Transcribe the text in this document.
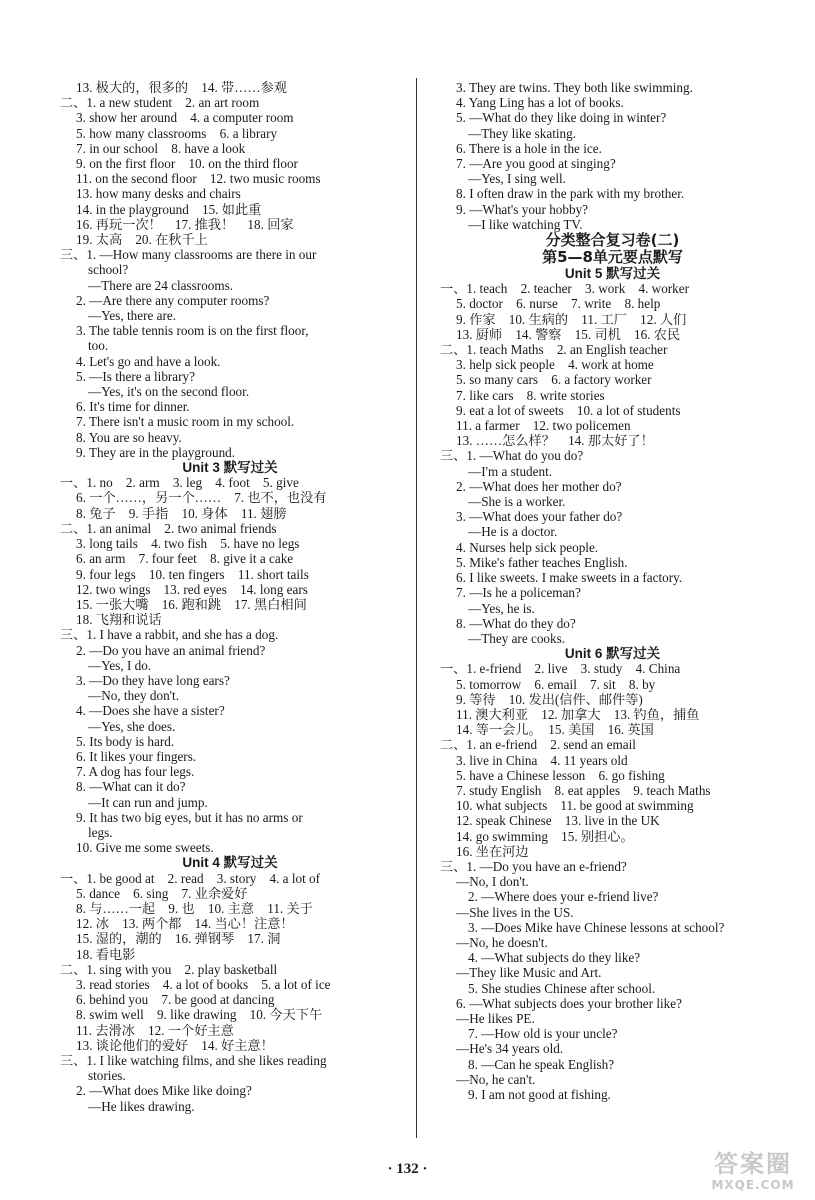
13. 极大的，很多的　14. 带……参观
二、1. a new student　2. an art room
3. show her around　4. a computer room
5. how many classrooms　6. a library
7. in our school　8. have a look
9. on the first floor　10. on the third floor
11. on the second floor　12. two music rooms
13. how many desks and chairs
14. in the playground　15. 如此重
16. 再玩一次！　17. 推我！　18. 回家
19. 太高　20. 在秋千上
三、1. —How many classrooms are there in our
school?
—There are 24 classrooms.
2. —Are there any computer rooms?
—Yes, there are.
3. The table tennis room is on the first floor,
too.
4. Let's go and have a look.
5. —Is there a library?
—Yes, it's on the second floor.
6. It's time for dinner.
7. There isn't a music room in my school.
8. You are so heavy.
9. They are in the playground.
Unit 3 默写过关
一、1. no　2. arm　3. leg　4. foot　5. give
6. 一个……，另一个……　7. 也不，也没有
8. 兔子　9. 手指　10. 身体　11. 翅膀
二、1. an animal　2. two animal friends
3. long tails　4. two fish　5. have no legs
6. an arm　7. four feet　8. give it a cake
9. four legs　10. ten fingers　11. short tails
12. two wings　13. red eyes　14. long ears
15. 一张大嘴　16. 跑和跳　17. 黑白相间
18. 飞翔和说话
三、1. I have a rabbit, and she has a dog.
2. —Do you have an animal friend?
—Yes, I do.
3. —Do they have long ears?
—No, they don't.
4. —Does she have a sister?
—Yes, she does.
5. Its body is hard.
6. It likes your fingers.
7. A dog has four legs.
8. —What can it do?
—It can run and jump.
9. It has two big eyes, but it has no arms or
legs.
10. Give me some sweets.
Unit 4 默写过关
一、1. be good at　2. read　3. story　4. a lot of
5. dance　6. sing　7. 业余爱好
8. 与……一起　9. 也　10. 主意　11. 关于
12. 冰　13. 两个都　14. 当心！注意！
15. 湿的，潮的　16. 弹钢琴　17. 洞
18. 看电影
二、1. sing with you　2. play basketball
3. read stories　4. a lot of books　5. a lot of ice
6. behind you　7. be good at dancing
8. swim well　9. like drawing　10. 今天下午
11. 去滑冰　12. 一个好主意
13. 谈论他们的爱好　14. 好主意！
三、1. I like watching films, and she likes reading
stories.
2. —What does Mike like doing?
—He likes drawing.
3. They are twins. They both like swimming.
4. Yang Ling has a lot of books.
5. —What do they like doing in winter?
—They like skating.
6. There is a hole in the ice.
7. —Are you good at singing?
—Yes, I sing well.
8. I often draw in the park with my brother.
9. —What's your hobby?
—I like watching TV.
分类整合复习卷(二)
第5—8单元要点默写
Unit 5 默写过关
一、1. teach　2. teacher　3. work　4. worker
5. doctor　6. nurse　7. write　8. help
9. 作家　10. 生病的　11. 工厂　12. 人们
13. 厨师　14. 警察　15. 司机　16. 农民
二、1. teach Maths　2. an English teacher
3. help sick people　4. work at home
5. so many cars　6. a factory worker
7. like cars　8. write stories
9. eat a lot of sweets　10. a lot of students
11. a farmer　12. two policemen
13. ……怎么样？　14. 那太好了！
三、1. —What do you do?
—I'm a student.
2. —What does her mother do?
—She is a worker.
3. —What does your father do?
—He is a doctor.
4. Nurses help sick people.
5. Mike's father teaches English.
6. I like sweets. I make sweets in a factory.
7. —Is he a policeman?
—Yes, he is.
8. —What do they do?
—They are cooks.
Unit 6 默写过关
一、1. e-friend　2. live　3. study　4. China
5. tomorrow　6. email　7. sit　8. by
9. 等待　10. 发出(信件、邮件等)
11. 澳大利亚　12. 加拿大　13. 钓鱼，捕鱼
14. 等一会儿。　15. 美国　16. 英国
二、1. an e-friend　2. send an email
3. live in China　4. 11 years old
5. have a Chinese lesson　6. go fishing
7. study English　8. eat apples　9. teach Maths
10. what subjects　11. be good at swimming
12. speak Chinese　13. live in the UK
14. go swimming　15. 别担心。
16. 坐在河边
三、1. —Do you have an e-friend?
—No, I don't.
2. —Where does your e-friend live?
—She lives in the US.
3. —Does Mike have Chinese lessons at school?
—No, he doesn't.
4. —What subjects do they like?
—They like Music and Art.
5. She studies Chinese after school.
6. —What subjects does your brother like?
—He likes PE.
7. —How old is your uncle?
—He's 34 years old.
8. —Can he speak English?
—No, he can't.
9. I am not good at fishing.
· 132 ·	答案圈
MXQE.COM
